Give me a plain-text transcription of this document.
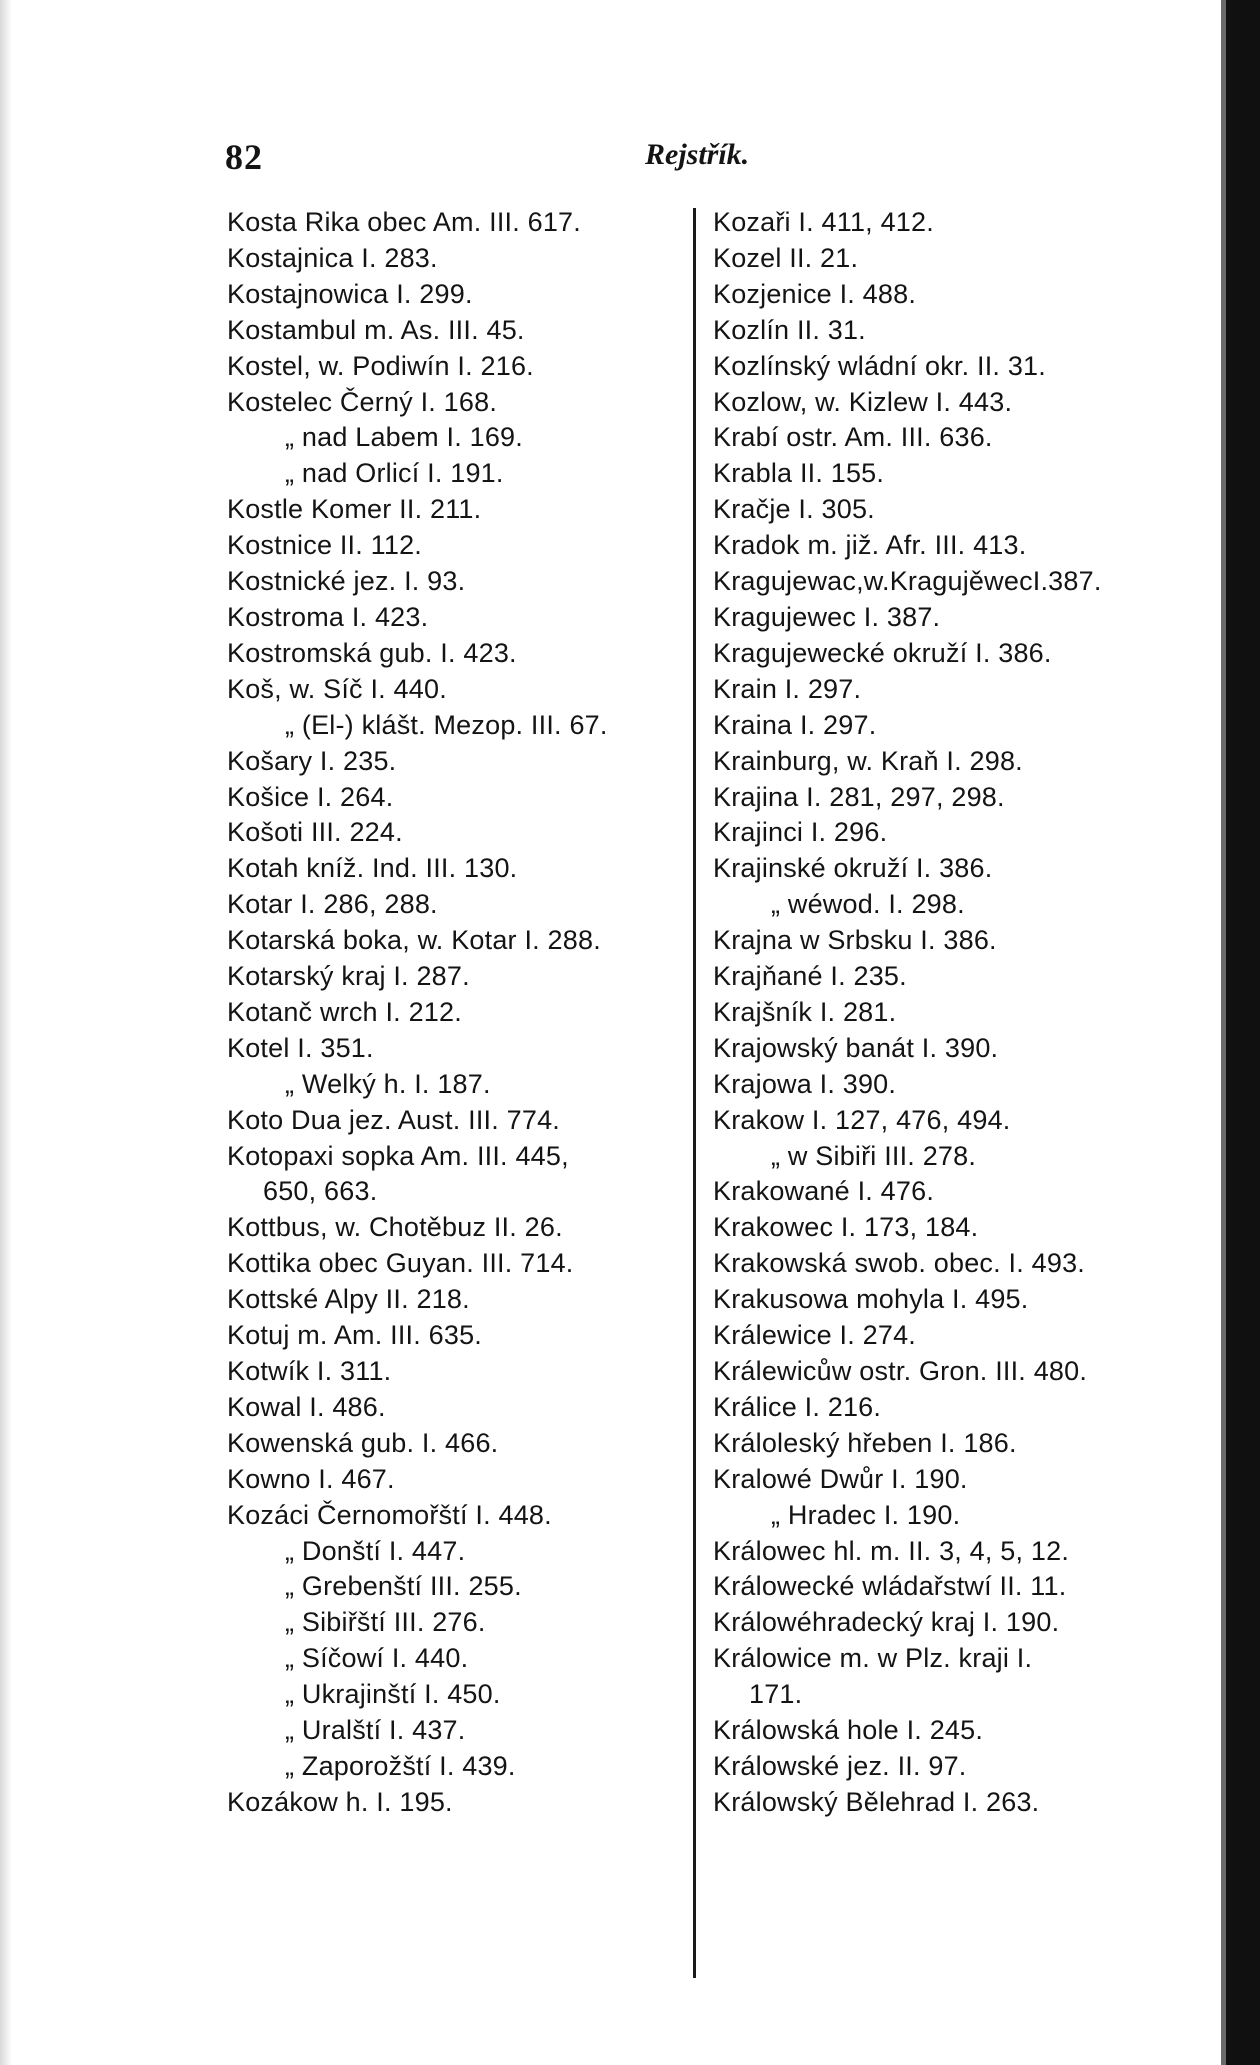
82	Rejstřík.
Kosta Rika obec Am. III. 617.
Kostajnica I. 283.
Kostajnowica I. 299.
Kostambul m. As. III. 45.
Kostel, w. Podiwín I. 216.
Kostelec Černý I. 168.
„ nad Labem I. 169.
„ nad Orlicí I. 191.
Kostle Komer II. 211.
Kostnice II. 112.
Kostnické jez. I. 93.
Kostroma I. 423.
Kostromská gub. I. 423.
Koš, w. Síč I. 440.
„ (El-) klášt. Mezop. III. 67.
Košary I. 235.
Košice I. 264.
Košoti III. 224.
Kotah kníž. Ind. III. 130.
Kotar I. 286, 288.
Kotarská boka, w. Kotar I. 288.
Kotarský kraj I. 287.
Kotanč wrch I. 212.
Kotel I. 351.
„ Welký h. I. 187.
Koto Dua jez. Aust. III. 774.
Kotopaxi sopka Am. III. 445,
650, 663.
Kottbus, w. Chotěbuz II. 26.
Kottika obec Guyan. III. 714.
Kottské Alpy II. 218.
Kotuj m. Am. III. 635.
Kotwík I. 311.
Kowal I. 486.
Kowenská gub. I. 466.
Kowno I. 467.
Kozáci Černomořští I. 448.
„ Donští I. 447.
„ Grebenští III. 255.
„ Sibiřští III. 276.
„ Síčowí I. 440.
„ Ukrajinští I. 450.
„ Uralští I. 437.
„ Zaporožští I. 439.
Kozákow h. I. 195.
Kozaři I. 411, 412.
Kozel II. 21.
Kozjenice I. 488.
Kozlín II. 31.
Kozlínský wládní okr. II. 31.
Kozlow, w. Kizlew I. 443.
Krabí ostr. Am. III. 636.
Krabla II. 155.
Kračje I. 305.
Kradok m. již. Afr. III. 413.
Kragujewac,w.KragujěwecI.387.
Kragujewec I. 387.
Kragujewecké okruží I. 386.
Krain I. 297.
Kraina I. 297.
Krainburg, w. Kraň I. 298.
Krajina I. 281, 297, 298.
Krajinci I. 296.
Krajinské okruží I. 386.
„ wéwod. I. 298.
Krajna w Srbsku I. 386.
Krajňané I. 235.
Krajšník I. 281.
Krajowský banát I. 390.
Krajowa I. 390.
Krakow I. 127, 476, 494.
„ w Sibiři III. 278.
Krakowané I. 476.
Krakowec I. 173, 184.
Krakowská swob. obec. I. 493.
Krakusowa mohyla I. 495.
Králewice I. 274.
Králewicůw ostr. Gron. III. 480.
Králice I. 216.
Králoleský hřeben I. 186.
Kralowé Dwůr I. 190.
„ Hradec I. 190.
Králowec hl. m. II. 3, 4, 5, 12.
Králowecké wládařstwí II. 11.
Králowéhradecký kraj I. 190.
Králowice m. w Plz. kraji I.
171.
Králowská hole I. 245.
Králowské jez. II. 97.
Králowský Bělehrad I. 263.
